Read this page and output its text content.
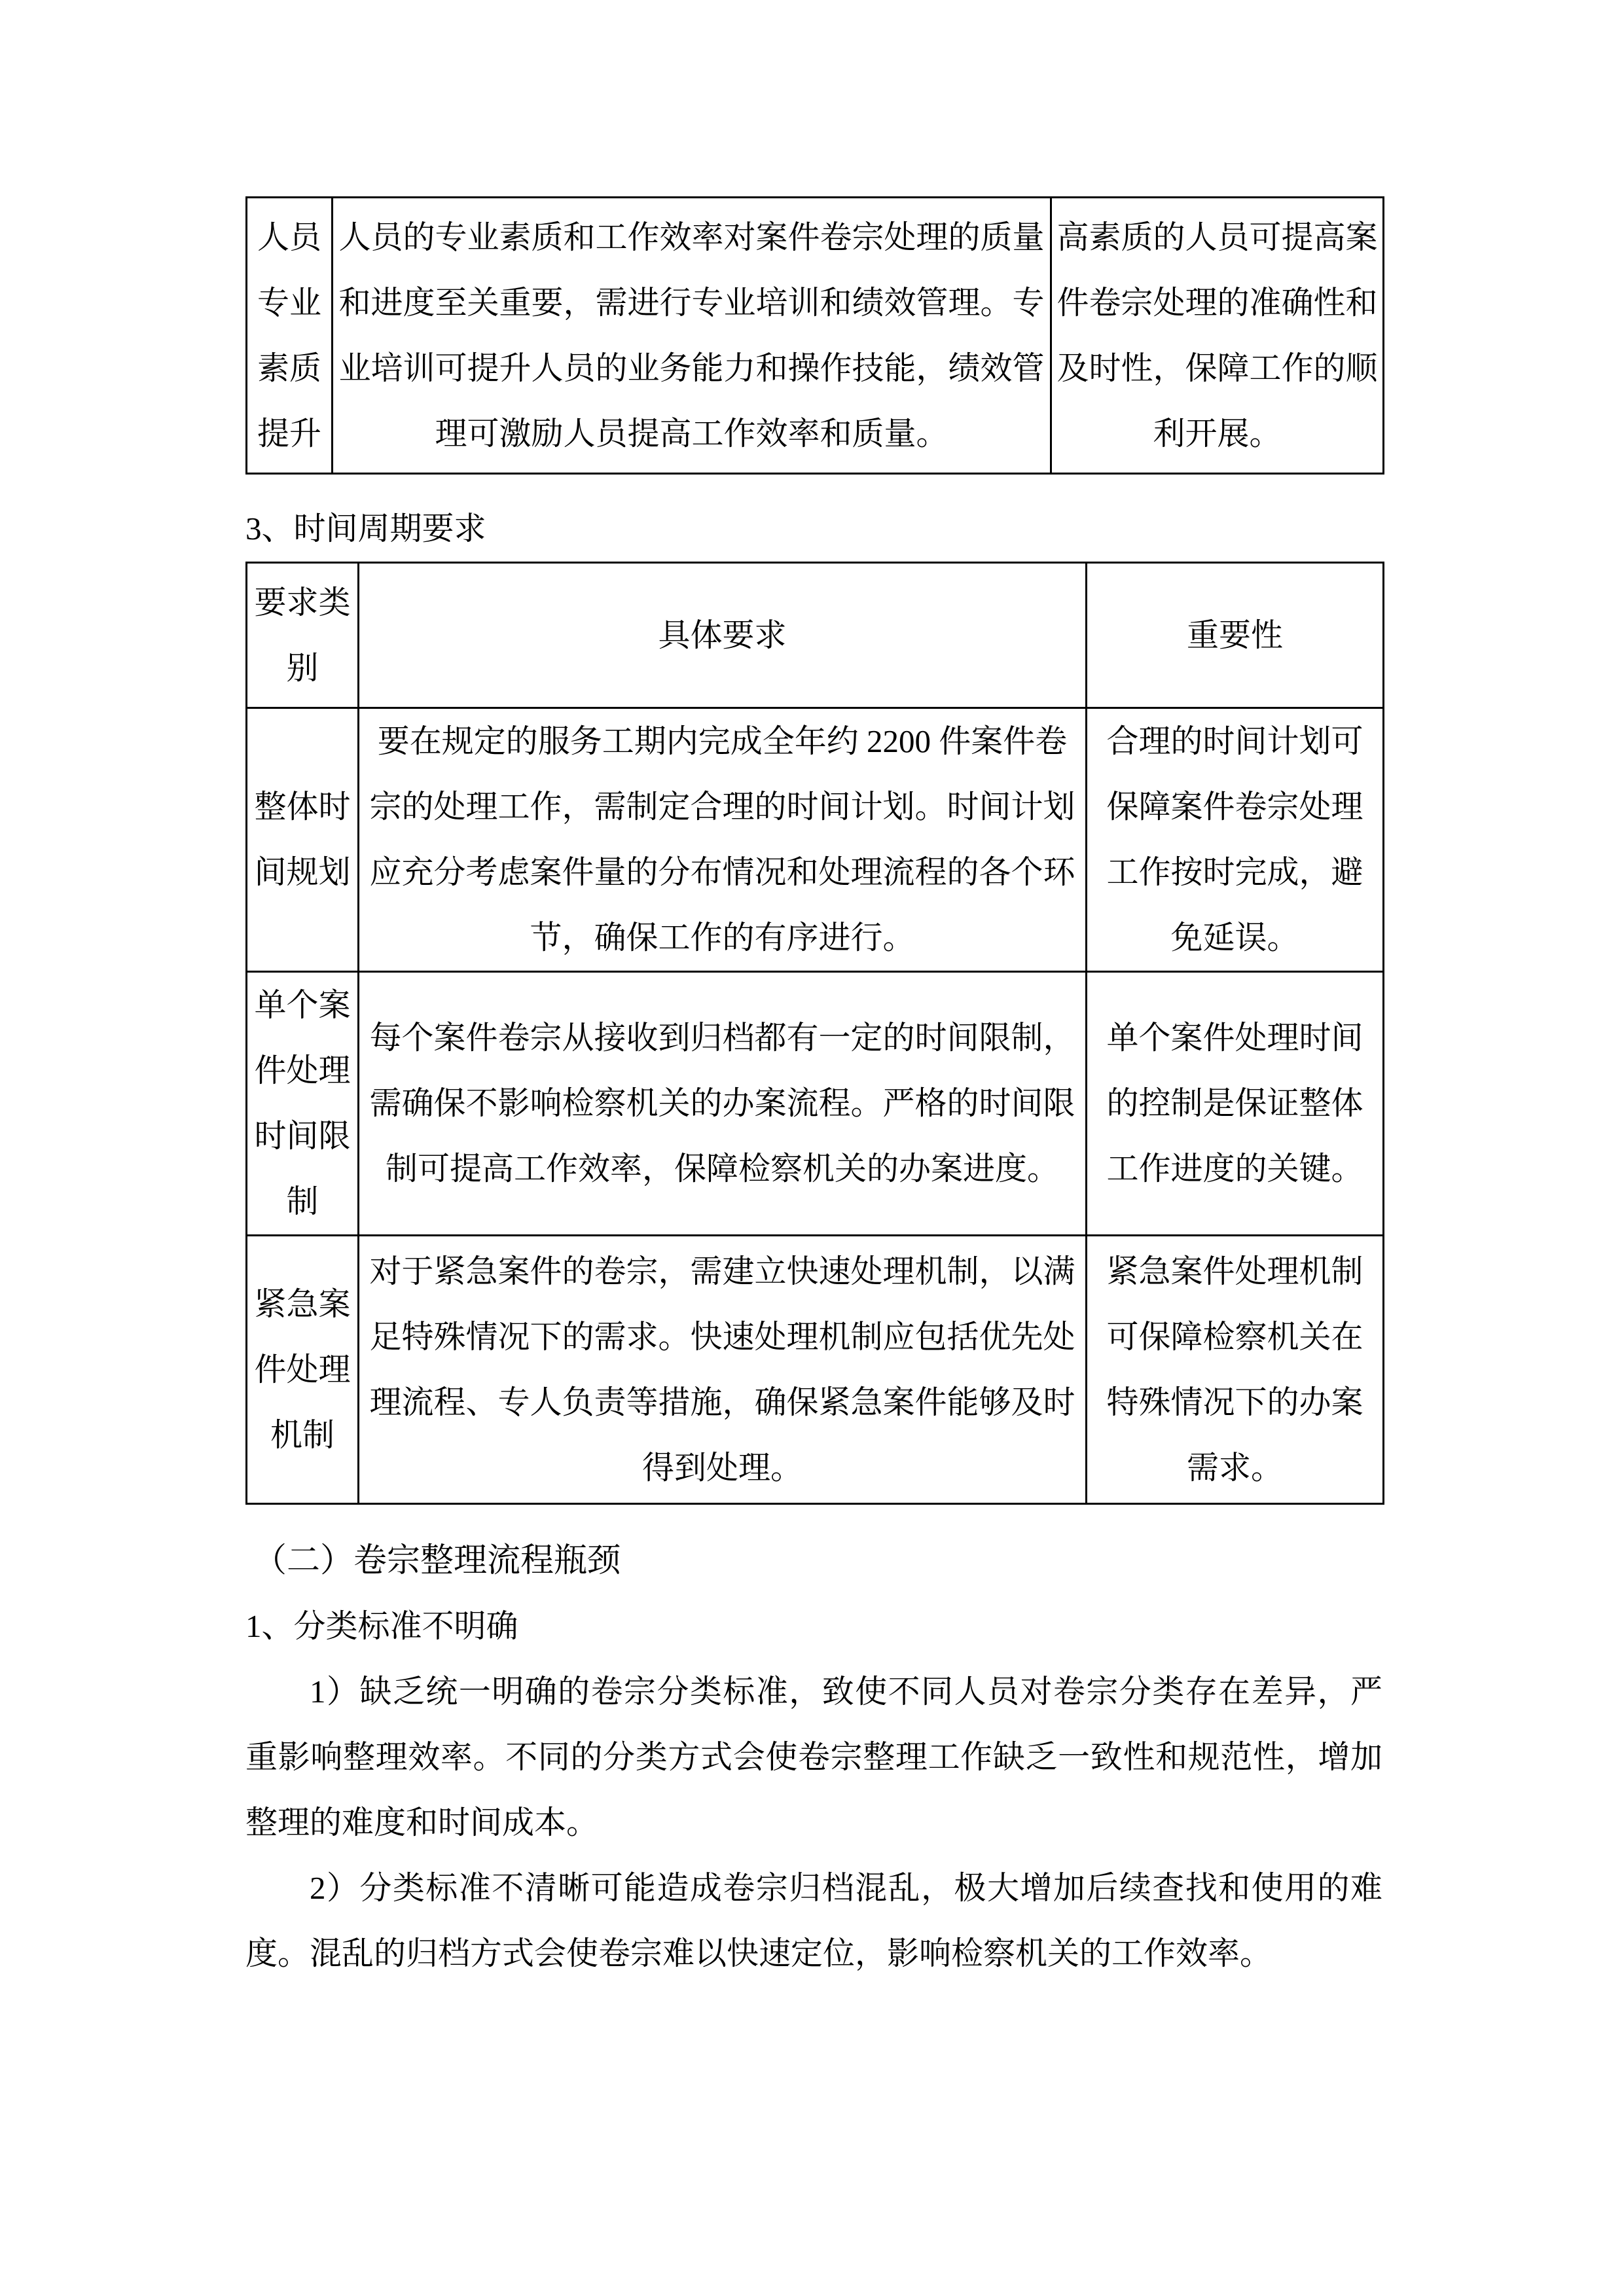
人员专业素质提升	人员的专业素质和工作效率对案件卷宗处理的质量和进度至关重要，需进行专业培训和绩效管理。专业培训可提升人员的业务能力和操作技能，绩效管理可激励人员提高工作效率和质量。	高素质的人员可提高案件卷宗处理的准确性和及时性，保障工作的顺利开展。
3、时间周期要求
要求类别	具体要求	重要性
整体时间规划	要在规定的服务工期内完成全年约 2200 件案件卷宗的处理工作，需制定合理的时间计划。时间计划应充分考虑案件量的分布情况和处理流程的各个环节，确保工作的有序进行。	合理的时间计划可保障案件卷宗处理工作按时完成，避免延误。
单个案件处理时间限制	每个案件卷宗从接收到归档都有一定的时间限制，需确保不影响检察机关的办案流程。严格的时间限制可提高工作效率，保障检察机关的办案进度。	单个案件处理时间的控制是保证整体工作进度的关键。
紧急案件处理机制	对于紧急案件的卷宗，需建立快速处理机制，以满足特殊情况下的需求。快速处理机制应包括优先处理流程、专人负责等措施，确保紧急案件能够及时得到处理。	紧急案件处理机制可保障检察机关在特殊情况下的办案需求。
（二）卷宗整理流程瓶颈
1、分类标准不明确

1）缺乏统一明确的卷宗分类标准，致使不同人员对卷宗分类存在差异，严重影响整理效率。不同的分类方式会使卷宗整理工作缺乏一致性和规范性，增加整理的难度和时间成本。

2）分类标准不清晰可能造成卷宗归档混乱，极大增加后续查找和使用的难度。混乱的归档方式会使卷宗难以快速定位，影响检察机关的工作效率。
